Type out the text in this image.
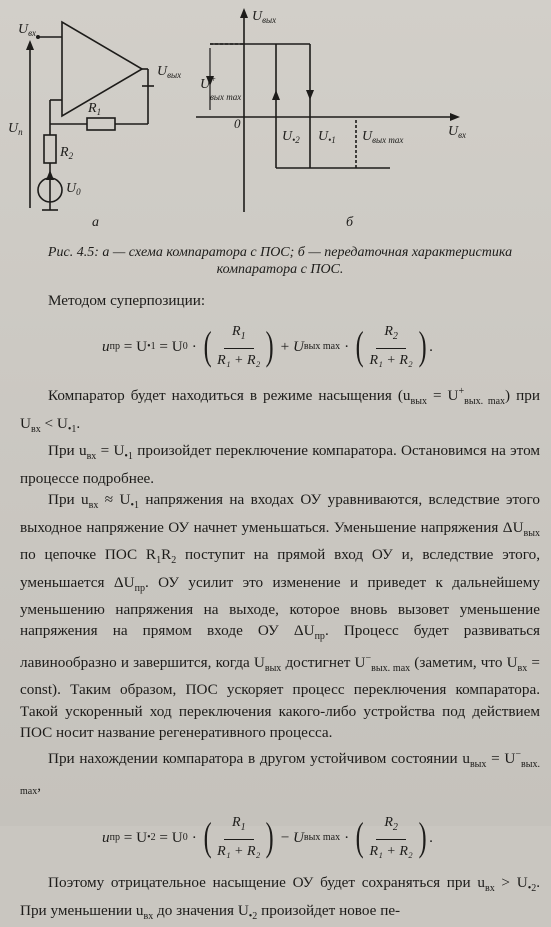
$U_{вх}$
$U_{вых}$
$R_1$
$R_2$
$U_п$
$U_0$
а
$U_{вых}$
$U_{вх}$
0
U+
вых max
$U_{•2}$ $U_{•1}$ $U_{вых max}$
б
Рис. 4.5: а — схема компаратора с ПОС; б — передаточная характеристика компаратора с ПОС.

Методом суперпозиции:

u пр
= U •1
= U 0 · ( $\frac{R_1}{\text{R₁ + R₂}}$ )
+
U вых max · ( $\frac{R_2}{\text{R₁ + R₂}}$ ) .

Компаратор будет находиться в режиме насыщения $(u_{вых} = U^+_{вых. max})$ при $U_{вх} < U_{•1}$.

При $u_{вх} = U_{•1}$ произойдет переключение компаратора. Остановимся на этом процессе подробнее.

При $u_{вх} \approx U_{•1}$ напряжения на входах ОУ уравниваются, вследствие этого выходное напряжение ОУ начнет уменьшаться. Уменьшение напряжения $\Delta U_{вых}$ по цепочке ПОС $R_1R_2$ поступит на прямой вход ОУ и, вследствие этого, уменьшается $\Delta U_{пр}$. ОУ усилит это изменение и приведет к дальнейшему уменьшению напряжения на выходе, которое вновь вызовет уменьшение напряжения на прямом входе ОУ $\Delta U_{пр}$. Процесс будет развиваться лавинообразно и завершится, когда $U_{вых}$ достигнет $U^-_{вых. max}$ (заметим, что $U_{вх}$ = const). Таким образом, ПОС ускоряет процесс переключения компаратора. Такой ускоренный ход переключения какого-либо устройства под действием ПОС носит название регенеративного процесса.

При нахождении компаратора в другом устойчивом состоянии $u_{вых} = U^-_{вых. max}$,

u пр
= U •2
= U 0 · ( $\frac{R_1}{\text{R₁ + R₂}}$ )
−
U вых max · ( $\frac{R_2}{\text{R₁ + R₂}}$ ) .

Поэтому отрицательное насыщение ОУ будет сохраняться при $u_{вх} > U_{•2}$. При уменьшении $u_{вх}$ до значения $U_{•2}$ произойдет новое пе-
